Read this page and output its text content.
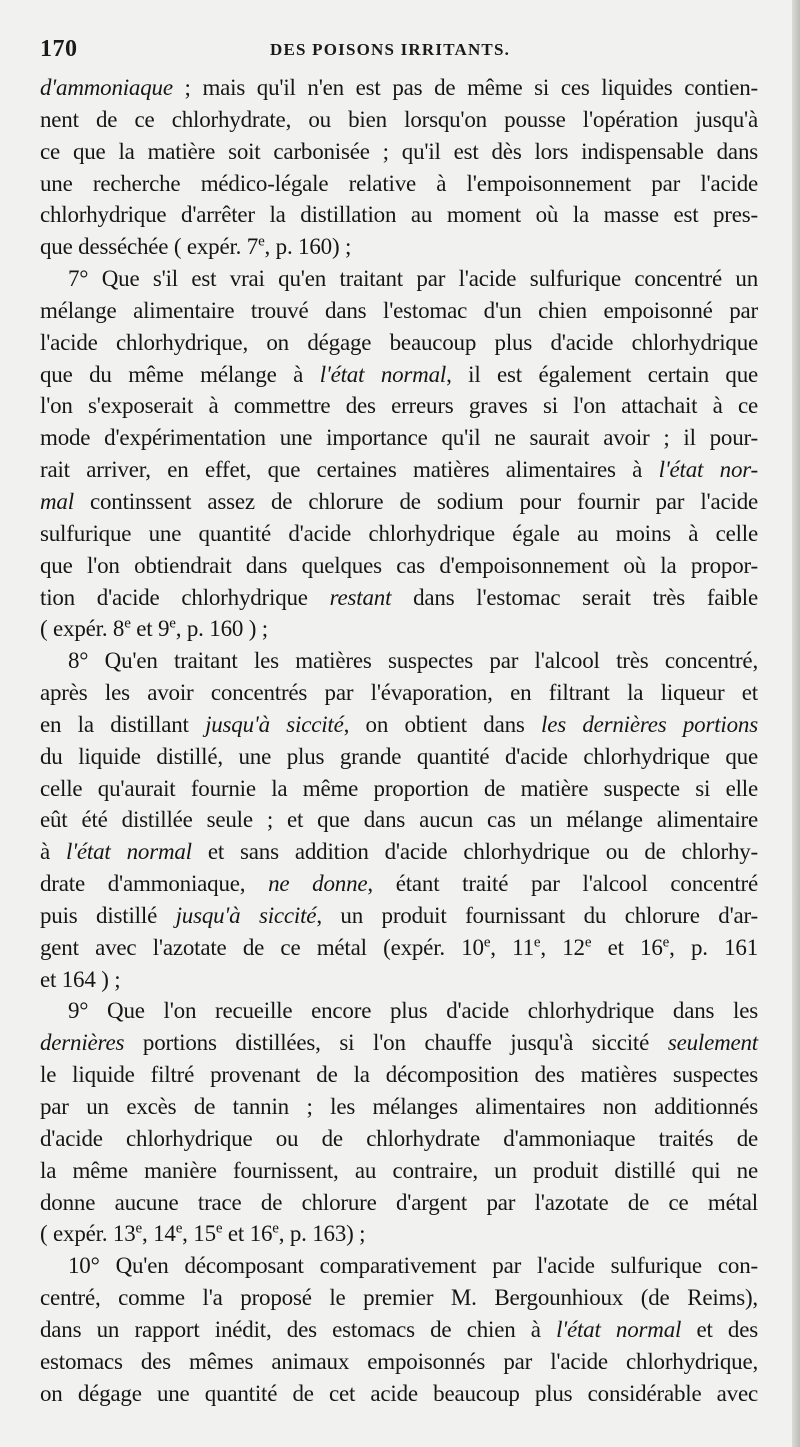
170	DES POISONS IRRITANTS.
d'ammoniaque ; mais qu'il n'en est pas de même si ces liquides contien-
nent de ce chlorhydrate, ou bien lorsqu'on pousse l'opération jusqu'à
ce que la matière soit carbonisée ; qu'il est dès lors indispensable dans
une recherche médico-légale relative à l'empoisonnement par l'acide
chlorhydrique d'arrêter la distillation au moment où la masse est pres-
que desséchée ( expér. 7e, p. 160) ;
7° Que s'il est vrai qu'en traitant par l'acide sulfurique concentré un
mélange alimentaire trouvé dans l'estomac d'un chien empoisonné par
l'acide chlorhydrique, on dégage beaucoup plus d'acide chlorhydrique
que du même mélange à l'état normal, il est également certain que
l'on s'exposerait à commettre des erreurs graves si l'on attachait à ce
mode d'expérimentation une importance qu'il ne saurait avoir ; il pour-
rait arriver, en effet, que certaines matières alimentaires à l'état nor-
mal continssent assez de chlorure de sodium pour fournir par l'acide
sulfurique une quantité d'acide chlorhydrique égale au moins à celle
que l'on obtiendrait dans quelques cas d'empoisonnement où la propor-
tion d'acide chlorhydrique restant dans l'estomac serait très faible
( expér. 8e et 9e, p. 160 ) ;
8° Qu'en traitant les matières suspectes par l'alcool très concentré,
après les avoir concentrés par l'évaporation, en filtrant la liqueur et
en la distillant jusqu'à siccité, on obtient dans les dernières portions
du liquide distillé, une plus grande quantité d'acide chlorhydrique que
celle qu'aurait fournie la même proportion de matière suspecte si elle
eût été distillée seule ; et que dans aucun cas un mélange alimentaire
à l'état normal et sans addition d'acide chlorhydrique ou de chlorhy-
drate d'ammoniaque, ne donne, étant traité par l'alcool concentré
puis distillé jusqu'à siccité, un produit fournissant du chlorure d'ar-
gent avec l'azotate de ce métal (expér. 10e, 11e, 12e et 16e, p. 161
et 164 ) ;
9° Que l'on recueille encore plus d'acide chlorhydrique dans les
dernières portions distillées, si l'on chauffe jusqu'à siccité seulement
le liquide filtré provenant de la décomposition des matières suspectes
par un excès de tannin ; les mélanges alimentaires non additionnés
d'acide chlorhydrique ou de chlorhydrate d'ammoniaque traités de
la même manière fournissent, au contraire, un produit distillé qui ne
donne aucune trace de chlorure d'argent par l'azotate de ce métal
( expér. 13e, 14e, 15e et 16e, p. 163) ;
10° Qu'en décomposant comparativement par l'acide sulfurique con-
centré, comme l'a proposé le premier M. Bergounhioux (de Reims),
dans un rapport inédit, des estomacs de chien à l'état normal et des
estomacs des mêmes animaux empoisonnés par l'acide chlorhydrique,
on dégage une quantité de cet acide beaucoup plus considérable avec
